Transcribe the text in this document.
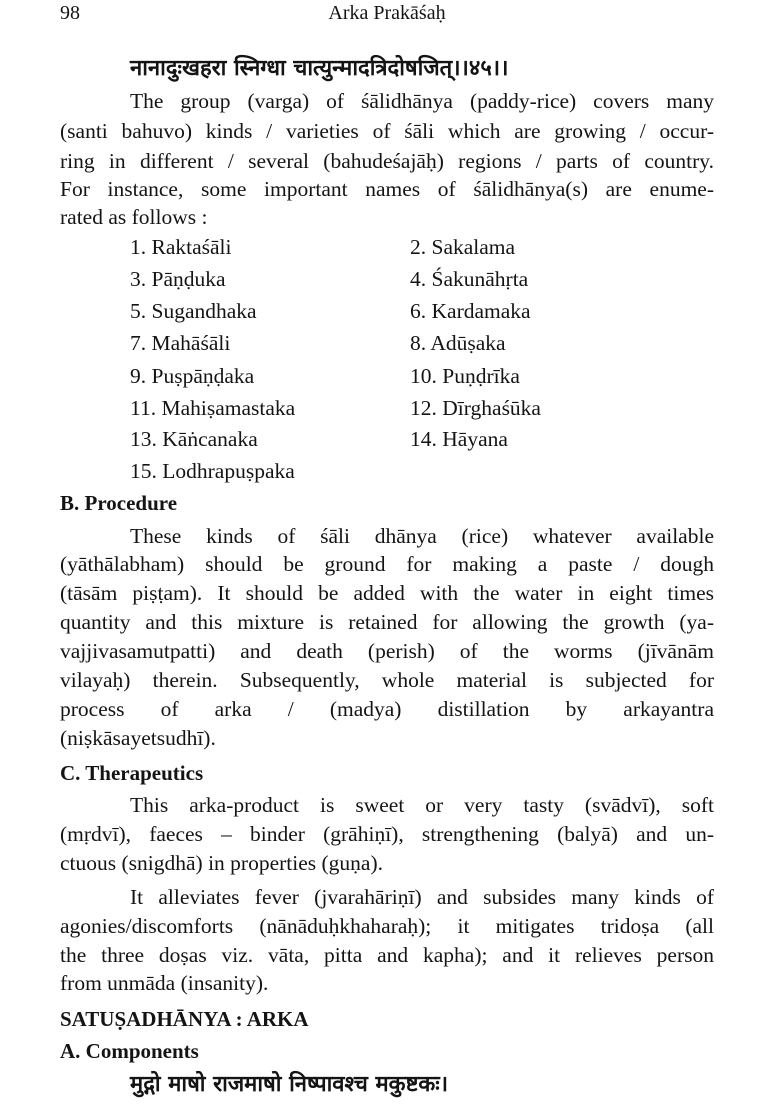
98	Arka Prakāśaḥ
नानादुःखहरा स्निग्धा चात्युन्मादत्रिदोषजित्।।४५।।
The group (varga) of śālidhānya (paddy-rice) covers many
(santi bahuvo) kinds / varieties of śāli which are growing / occur-
ring in different / several (bahudeśajāḥ) regions / parts of country.
For instance, some important names of śālidhānya(s) are enume-
rated as follows :
1. Raktaśāli	2. Sakalama
3. Pāṇḍuka	4. Śakunāhṛta
5. Sugandhaka	6. Kardamaka
7. Mahāśāli	8. Adūṣaka
9. Puṣpāṇḍaka	10. Puṇḍrīka
11. Mahiṣamastaka	12. Dīrghaśūka
13. Kāṅcanaka	14. Hāyana
15. Lodhrapuṣpaka
B. Procedure
These kinds of śāli dhānya (rice) whatever available
(yāthālabham) should be ground for making a paste / dough
(tāsām piṣṭam). It should be added with the water in eight times
quantity and this mixture is retained for allowing the growth (ya-
vajjivasamutpatti) and death (perish) of the worms (jīvānām
vilayaḥ) therein. Subsequently, whole material is subjected for
process of arka / (madya) distillation by arkayantra
(niṣkāsayetsudhī).
C. Therapeutics
This arka-product is sweet or very tasty (svādvī), soft
(mṛdvī), faeces – binder (grāhiṇī), strengthening (balyā) and un-
ctuous (snigdhā) in properties (guṇa).
It alleviates fever (jvarahāriṇī) and subsides many kinds of
agonies/discomforts (nānāduḥkhaharaḥ); it mitigates tridoṣa (all
the three doṣas viz. vāta, pitta and kapha); and it relieves person
from unmāda (insanity).
SATUṢADHĀNYA : ARKA
A. Components
मुद्गो माषो राजमाषो निष्पावश्च मकुष्टकः।
